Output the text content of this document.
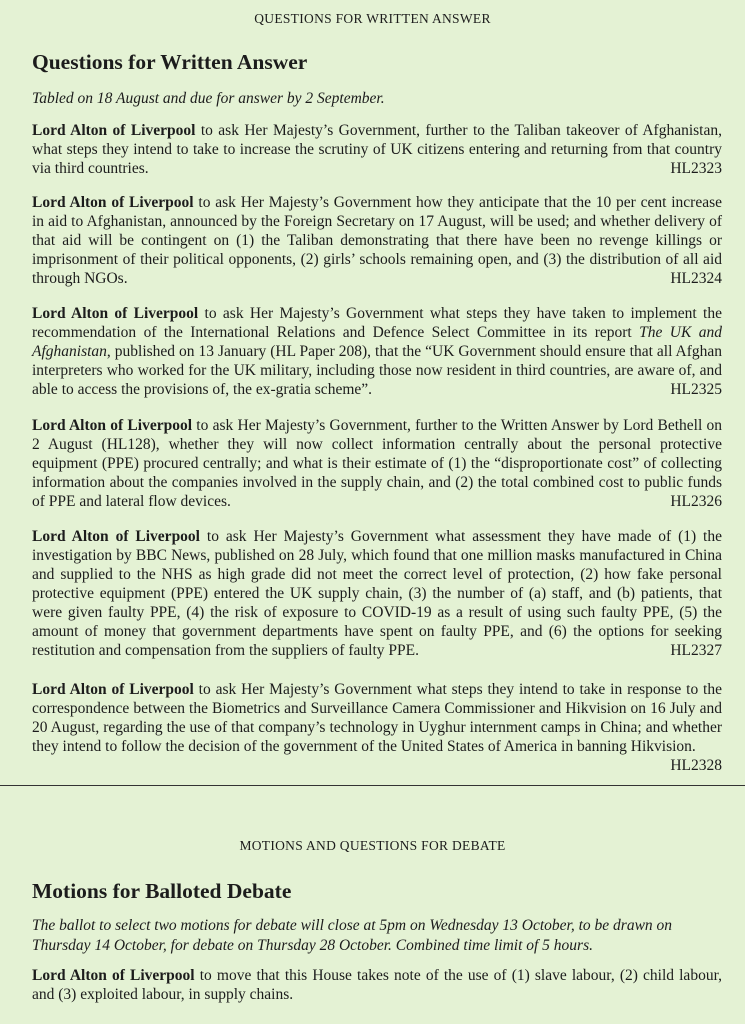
QUESTIONS FOR WRITTEN ANSWER
Questions for Written Answer

Tabled on 18 August and due for answer by 2 September.

Lord Alton of Liverpool to ask Her Majesty’s Government, further to the Taliban takeover of Afghanistan, what steps they intend to take to increase the scrutiny of UK citizens entering and returning from that country via third countries.	HL2323

Lord Alton of Liverpool to ask Her Majesty’s Government how they anticipate that the 10 per cent increase in aid to Afghanistan, announced by the Foreign Secretary on 17 August, will be used; and whether delivery of that aid will be contingent on (1) the Taliban demonstrating that there have been no revenge killings or imprisonment of their political opponents, (2) girls’ schools remaining open, and (3) the distribution of all aid through NGOs.	HL2324

Lord Alton of Liverpool to ask Her Majesty’s Government what steps they have taken to implement the recommendation of the International Relations and Defence Select Committee in its report The UK and Afghanistan, published on 13 January (HL Paper 208), that the “UK Government should ensure that all Afghan interpreters who worked for the UK military, including those now resident in third countries, are aware of, and able to access the provisions of, the ex-gratia scheme”.	HL2325

Lord Alton of Liverpool to ask Her Majesty’s Government, further to the Written Answer by Lord Bethell on 2 August (HL128), whether they will now collect information centrally about the personal protective equipment (PPE) procured centrally; and what is their estimate of (1) the “disproportionate cost” of collecting information about the companies involved in the supply chain, and (2) the total combined cost to public funds of PPE and lateral flow devices.	HL2326

Lord Alton of Liverpool to ask Her Majesty’s Government what assessment they have made of (1) the investigation by BBC News, published on 28 July, which found that one million masks manufactured in China and supplied to the NHS as high grade did not meet the correct level of protection, (2) how fake personal protective equipment (PPE) entered the UK supply chain, (3) the number of (a) staff, and (b) patients, that were given faulty PPE, (4) the risk of exposure to COVID-19 as a result of using such faulty PPE, (5) the amount of money that government departments have spent on faulty PPE, and (6) the options for seeking restitution and compensation from the suppliers of faulty PPE.	HL2327

Lord Alton of Liverpool to ask Her Majesty’s Government what steps they intend to take in response to the correspondence between the Biometrics and Surveillance Camera Commissioner and Hikvision on 16 July and 20 August, regarding the use of that company’s technology in Uyghur internment camps in China; and whether they intend to follow the decision of the government of the United States of America in banning Hikvision.
HL2328

MOTIONS AND QUESTIONS FOR DEBATE
Motions for Balloted Debate

The ballot to select two motions for debate will close at 5pm on Wednesday 13 October, to be drawn on Thursday 14 October, for debate on Thursday 28 October. Combined time limit of 5 hours.

Lord Alton of Liverpool to move that this House takes note of the use of (1) slave labour, (2) child labour, and (3) exploited labour, in supply chains.
